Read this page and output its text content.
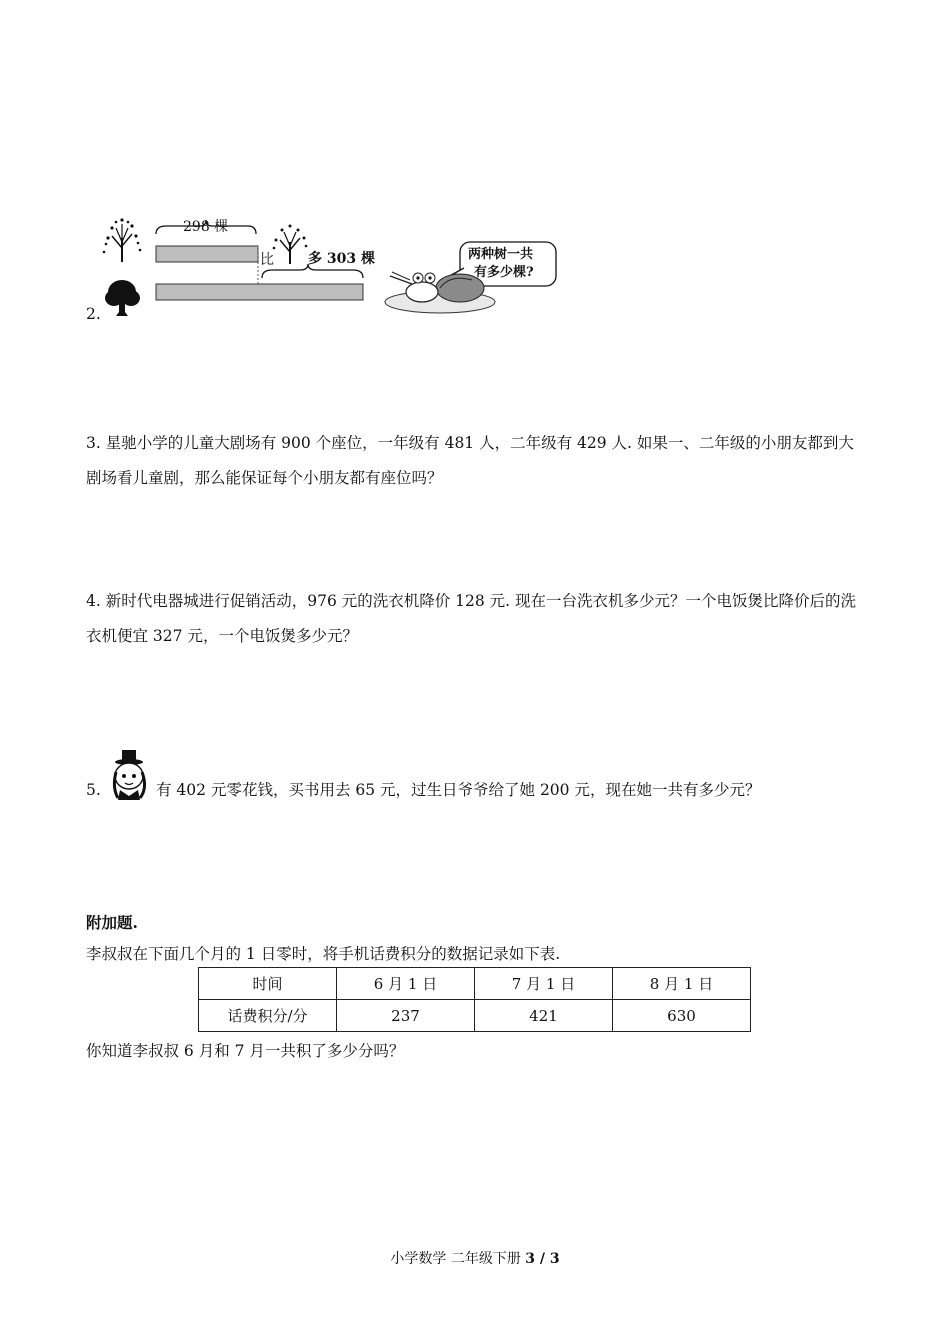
2.
298 棵
比 多 303 棵	两种树一共
有多少棵?
3. 星驰小学的儿童大剧场有 900 个座位，一年级有 481 人，二年级有 429 人. 如果一、二年级的小朋友都到大剧场看儿童剧，那么能保证每个小朋友都有座位吗？
4. 新时代电器城进行促销活动，976 元的洗衣机降价 128 元. 现在一台洗衣机多少元？一个电饭煲比降价后的洗衣机便宜 327 元，一个电饭煲多少元？
5.	有 402 元零花钱，买书用去 65 元，过生日爷爷给了她 200 元，现在她一共有多少元？
附加题.
李叔叔在下面几个月的 1 日零时，将手机话费积分的数据记录如下表.
时间	6 月 1 日	7 月 1 日	8 月 1 日
话费积分/分	237	421	630
你知道李叔叔 6 月和 7 月一共积了多少分吗？
小学数学 二年级下册 3 / 3
